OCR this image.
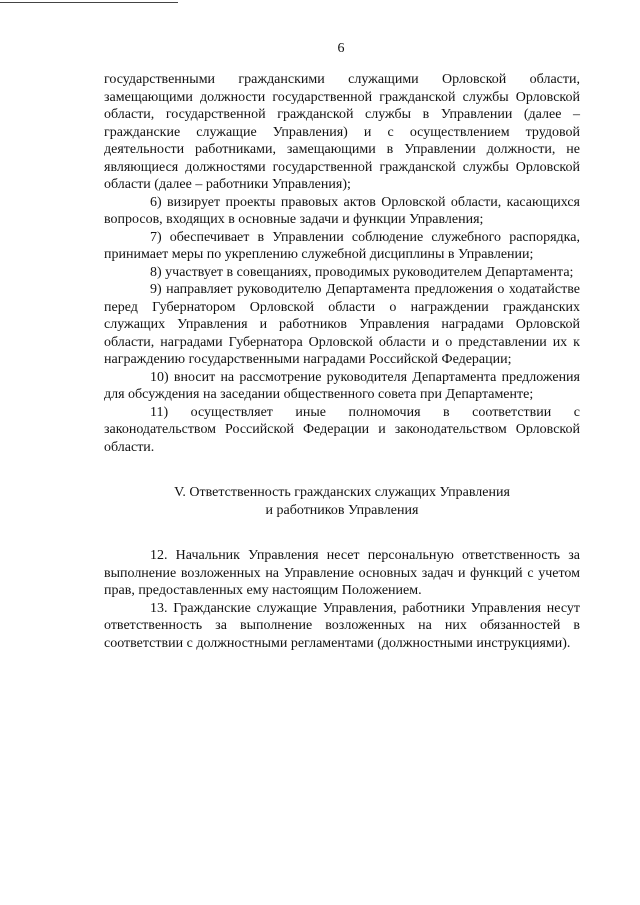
6

государственными гражданскими служащими Орловской области, замещающими должности государственной гражданской службы Орловской области, государственной гражданской службы в Управлении (далее – гражданские служащие Управления) и с осуществлением трудовой деятельности работниками, замещающими в Управлении должности, не являющиеся должностями государственной гражданской службы Орловской области (далее – работники Управления);

6) визирует проекты правовых актов Орловской области, касающихся вопросов, входящих в основные задачи и функции Управления;

7) обеспечивает в Управлении соблюдение служебного распорядка, принимает меры по укреплению служебной дисциплины в Управлении;

8) участвует в совещаниях, проводимых руководителем Департамента;

9) направляет руководителю Департамента предложения о ходатайстве перед Губернатором Орловской области о награждении гражданских служащих Управления и работников Управления наградами Орловской области, наградами Губернатора Орловской области и о представлении их к награждению государственными наградами Российской Федерации;

10) вносит на рассмотрение руководителя Департамента предложения для обсуждения на заседании общественного совета при Департаменте;

11) осуществляет иные полномочия в соответствии с законодательством Российской Федерации и законодательством Орловской области.

V. Ответственность гражданских служащих Управления
и работников Управления

12. Начальник Управления несет персональную ответственность за выполнение возложенных на Управление основных задач и функций с учетом прав, предоставленных ему настоящим Положением.

13. Гражданские служащие Управления, работники Управления несут ответственность за выполнение возложенных на них обязанностей в соответствии с должностными регламентами (должностными инструкциями).
